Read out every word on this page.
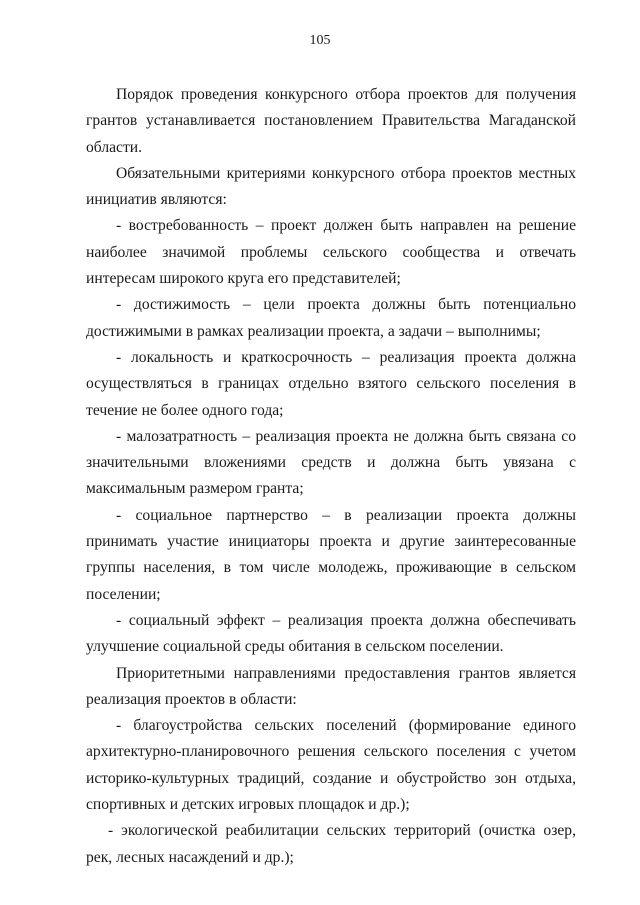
105

Порядок проведения конкурсного отбора проектов для получения грантов устанавливается постановлением Правительства Магаданской области.

Обязательными критериями конкурсного отбора проектов местных инициатив являются:

- востребованность – проект должен быть направлен на решение наиболее значимой проблемы сельского сообщества и отвечать интересам широкого круга его представителей;

- достижимость – цели проекта должны быть потенциально достижимыми в рамках реализации проекта, а задачи – выполнимы;

- локальность и краткосрочность – реализация проекта должна осуществляться в границах отдельно взятого сельского поселения в течение не более одного года;

- малозатратность – реализация проекта не должна быть связана со значительными вложениями средств и должна быть увязана с максимальным размером гранта;

- социальное партнерство – в реализации проекта должны принимать участие инициаторы проекта и другие заинтересованные группы населения, в том числе молодежь, проживающие в сельском поселении;

- социальный эффект – реализация проекта должна обеспечивать улучшение социальной среды обитания в сельском поселении.

Приоритетными направлениями предоставления грантов является реализация проектов в области:

- благоустройства сельских поселений (формирование единого архитектурно-планировочного решения сельского поселения с учетом историко-культурных традиций, создание и обустройство зон отдыха, спортивных и детских игровых площадок и др.);

- экологической реабилитации сельских территорий (очистка озер, рек, лесных насаждений и др.);
